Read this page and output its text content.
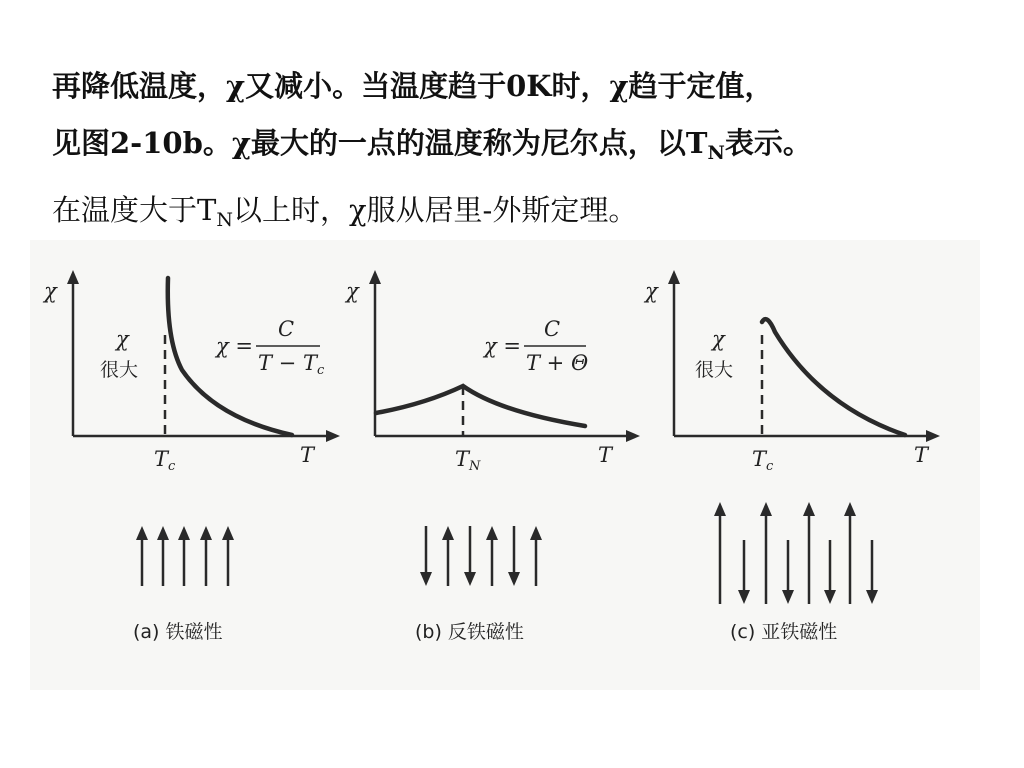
再降低温度，χ又减小。当温度趋于0K时，χ趋于定值，
见图2-10b。χ最大的一点的温度称为尼尔点，以$T_N$表示。
在温度大于$T_N$以上时，χ服从居里-外斯定理。
χ
T
Tc
χ
很大
χ =
C
T − Tc
(a) 铁磁性
χ
T
TN
χ =
C
T + Θ
(b) 反铁磁性
χ
T
Tc
χ
很大
(c) 亚铁磁性
